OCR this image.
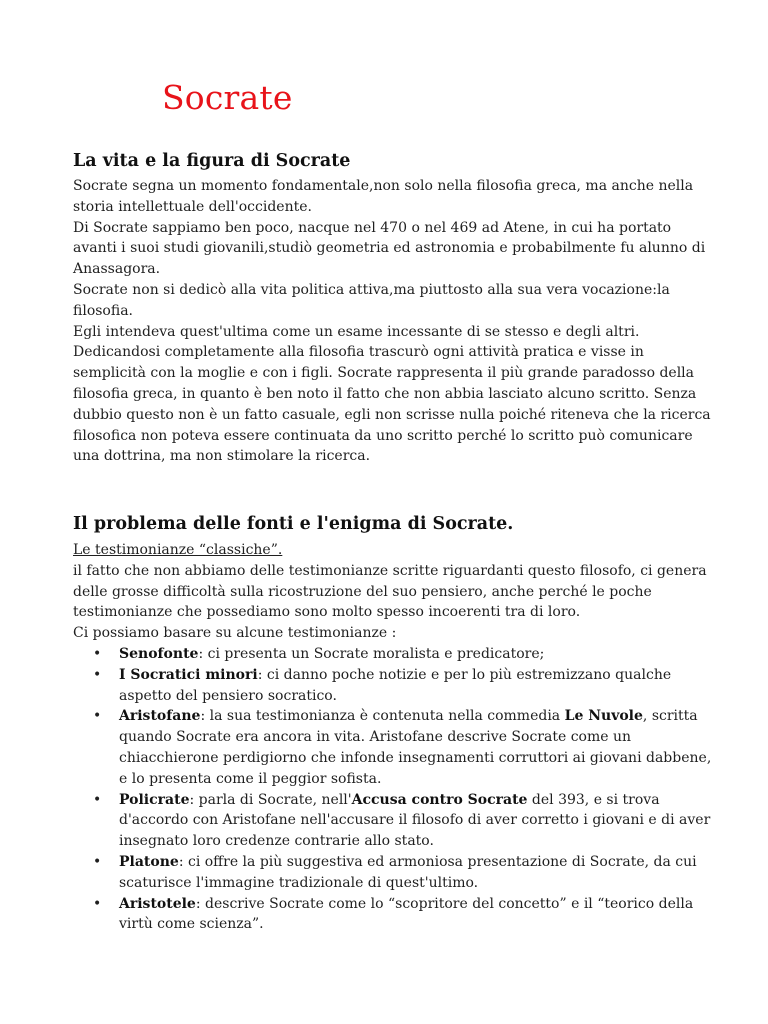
Socrate
La vita e la figura di Socrate

Socrate segna un momento fondamentale,non solo nella filosofia greca, ma anche nella storia intellettuale dell'occidente.

Di Socrate sappiamo ben poco, nacque nel 470 o nel 469 ad Atene, in cui ha portato avanti i suoi studi giovanili,studiò geometria ed astronomia e probabilmente fu alunno di Anassagora.

Socrate non si dedicò alla vita politica attiva,ma piuttosto alla sua vera vocazione:la filosofia.

Egli intendeva quest'ultima come un esame incessante di se stesso e degli altri.

Dedicandosi completamente alla filosofia trascurò ogni attività pratica e visse in semplicità con la moglie e con i figli. Socrate rappresenta il più grande paradosso della filosofia greca, in quanto è ben noto il fatto che non abbia lasciato alcuno scritto. Senza dubbio questo non è un fatto casuale, egli non scrisse nulla poiché riteneva che la ricerca filosofica non poteva essere continuata da uno scritto perché lo scritto può comunicare una dottrina, ma non stimolare la ricerca.

Il problema delle fonti e l'enigma di Socrate.

Le testimonianze “classiche”.

il fatto che non abbiamo delle testimonianze scritte riguardanti questo filosofo, ci genera delle grosse difficoltà sulla ricostruzione del suo pensiero, anche perché le poche testimonianze che possediamo sono molto spesso incoerenti tra di loro.

Ci possiamo basare su alcune testimonianze :

• Senofonte: ci presenta un Socrate moralista e predicatore;
• I Socratici minori: ci danno poche notizie e per lo più estremizzano qualche aspetto del pensiero socratico.
• Aristofane: la sua testimonianza è contenuta nella commedia Le Nuvole, scritta quando Socrate era ancora in vita. Aristofane descrive Socrate come un chiacchierone perdigiorno che infonde insegnamenti corruttori ai giovani dabbene, e lo presenta come il peggior sofista.
• Policrate: parla di Socrate, nell'Accusa contro Socrate del 393, e si trova d'accordo con Aristofane nell'accusare il filosofo di aver corretto i giovani e di aver insegnato loro credenze contrarie allo stato.
• Platone: ci offre la più suggestiva ed armoniosa presentazione di Socrate, da cui scaturisce l'immagine tradizionale di quest'ultimo.
• Aristotele: descrive Socrate come lo “scopritore del concetto” e il “teorico della virtù come scienza”.
